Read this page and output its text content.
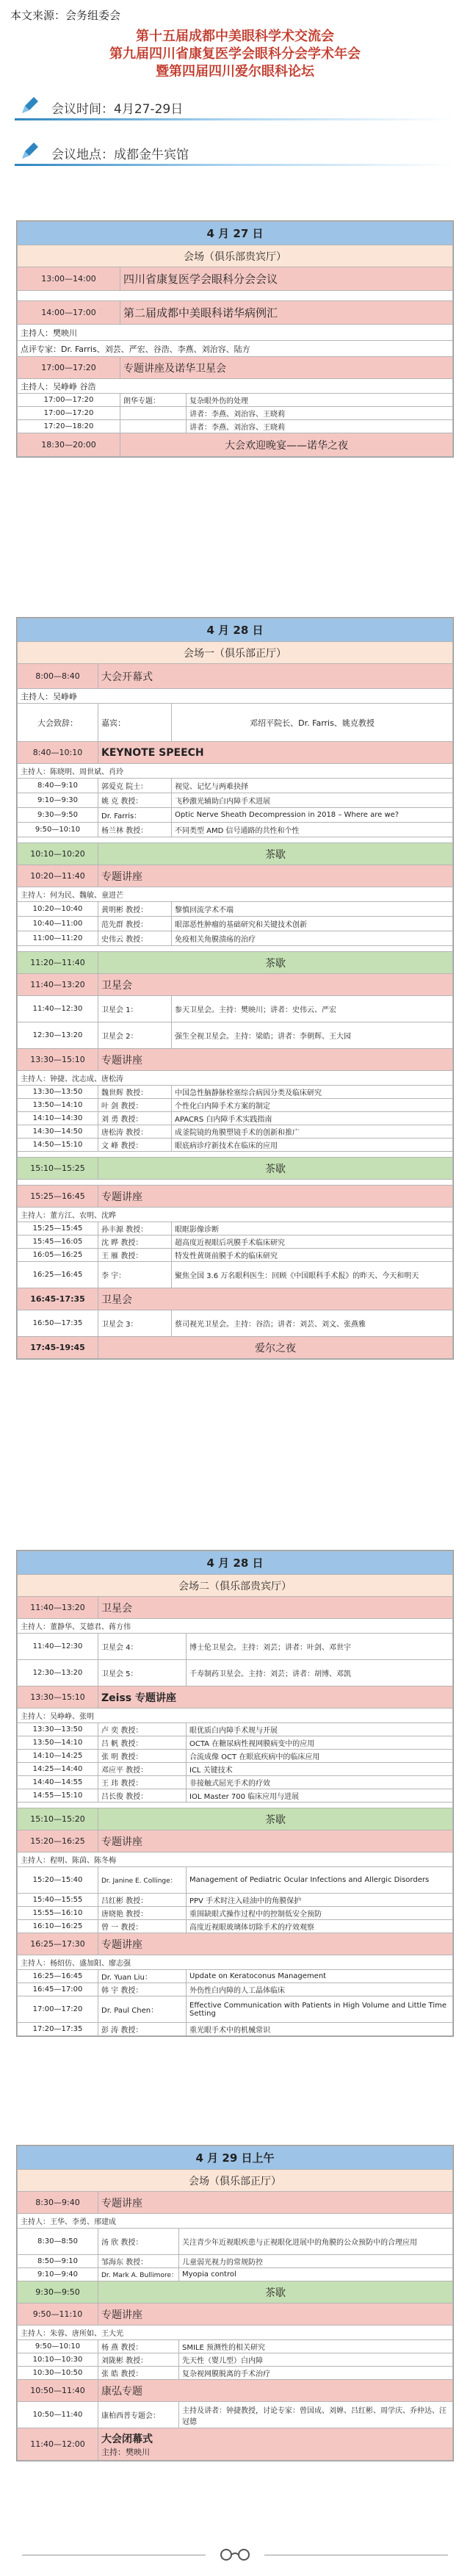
本文来源：会务组委会
第十五届成都中美眼科学术交流会
第九届四川省康复医学会眼科分会学术年会
暨第四届四川爱尔眼科论坛
会议时间：4月27-29日
会议地点：成都金牛宾馆
4 月 27 日		
会场（俱乐部贵宾厅）		
13:00—14:00	四川省康复医学会眼科分会会议	

14:00—17:00	第二届成都中美眼科诺华病例汇	
主持人：樊映川		
点评专家：Dr. Farris、刘芸、严宏、谷浩、李燕、刘治容、陆方		
17:00—17:20	专题讲座及诺华卫星会	
主持人：吴峥峥 谷浩		
17:00—17:20	朗华专题：	复杂眼外伤的处理
17:00—17:20		讲者：李燕、刘治容、王晓莉
17:20—18:20		讲者：李燕、刘治容、王晓莉
18:30—20:00	大会欢迎晚宴——诺华之夜	
4 月 28 日		
会场一（俱乐部正厅）		
8:00—8:40	大会开幕式	
主持人：吴峥峥		
大会致辞：	嘉宾：	邓绍平院长、Dr. Farris、姚克教授
8:40—10:10	KEYNOTE SPEECH	
主持人：陈晓明、周世斌、肖玲		
8:40—9:10	郭爱克 院士：	视觉、记忆与两难抉择
9:10—9:30	姚 克 教授：	飞秒激光辅助白内障手术进展
9:30—9:50	Dr. Farris：	Optic Nerve Sheath Decompression in 2018 – Where are we?
9:50—10:10	杨兰林 教授：	不同类型 AMD 信号通路的共性和个性

10:10—10:20	茶歇	
10:20—11:40	专题讲座	
主持人：何为民、魏敏、童进芒		
10:20—10:40	黄明彬 教授：	黎慎回流学术不端
10:40—11:00	范先群 教授：	眼部恶性肿瘤的基础研究和关键技术创新
11:00—11:20	史伟云 教授：	免疫相关角膜溃疡的治疗

11:20—11:40	茶歇	
11:40—13:20	卫星会	
11:40—12:30	卫星会 1：	参天卫星会。主持：樊映川；讲者：史伟云、严宏
12:30—13:20	卫星会 2：	强生全视卫星会。主持：梁皓；讲者：李朝辉、王大园
13:30—15:10	专题讲座	
主持人：钟捷、沈志成、唐松涛		
13:30—13:50	魏世辉 教授：	中国急性脑静脉栓塞综合病因分类及临床研究
13:50—14:10	叶 剑 教授：	个性化白内障手术方案的制定
14:10—14:30	刘 勇 教授：	APACRS 白内障手术实践指南
14:30—14:50	唐松涛 教授：	成釜院镜的角膜塑镜手术的创新和推广
14:50—15:10	文 峰 教授：	眼底病诊疗新技术在临床的应用

15:10—15:25	茶歇	

15:25—16:45	专题讲座	
主持人：董方江、农明、沈晔		
15:25—15:45	孙丰源 教授：	眼眶影像诊断
15:45—16:05	沈 晔 教授：	超高度近视眼后巩膜手术临床研究
16:05—16:25	王 雁 教授：	特发性黄斑前膜手术的临床研究
16:25—16:45	李 宇：	聚焦全国 3.6 万名眼科医生：回顾《中国眼科手术报》的昨天、今天和明天
16:45-17:35	卫星会	
16:50—17:35	卫星会 3：	蔡司视光卫星会。主持：谷浩；讲者：刘芸、刘文、张燕雅
17:45-19:45	爱尔之夜	
4 月 28 日		
会场二（俱乐部贵宾厅）		
11:40—13:20	卫星会	
主持人：董静华、艾德君、蒋方伟		
11:40—12:30	卫星会 4：	博士伦卫星会。主持：刘芸；讲者：叶剑、邓世宇
12:30—13:20	卫星会 5：	千寿制药卫星会。主持：刘芸；讲者：胡博、邓凯
13:30—15:10	Zeiss 专题讲座	
主持人：吴峥峥、张明		
13:30—13:50	卢 奕 教授：	眼优质白内障手术规与开展
13:50—14:10	吕 帆 教授：	OCTA 在糖尿病性视网膜病变中的应用
14:10—14:25	张 明 教授：	合流成像 OCT 在眼底疾病中的临床应用
14:25—14:40	邓应平 教授：	ICL 关键技术
14:40—14:55	王 玮 教授：	非接触式屈光手术的疗效
14:55—15:10	吕长俊 教授：	IOL Master 700 临床应用与进展

15:10—15:20	茶歇	
15:20—16:25	专题讲座	
主持人：程明、陈茵、陈冬梅		
15:20—15:40	Dr. Janine E. Collinge：	Management of Pediatric Ocular Infections and Allergic Disorders
15:40—15:55	吕红彬 教授：	PPV 手术时注入硅油中的角膜保护
15:55—16:10	唐晓艳 教授：	重围缺眼式操作过程中的控制低安全预防
16:10—16:25	曾 一 教授：	高度近视眼玻璃体切除手术的疗效观察
16:25—17:30	专题讲座	
主持人：杨绍仿、盛加阳、廖志强		
16:25—16:45	Dr. Yuan Liu：	Update on Keratoconus Management
16:45—17:00	韩 宇 教授：	外伤性白内障的人工晶体临床
17:00—17:20	Dr. Paul Chen：	Effective Communication with Patients in High Volume and Little Time Setting
17:20—17:35	彭 涛 教授：	重光眼手术中的机械常识
4 月 29 日上午		
会场（俱乐部正厅）		
8:30—9:40	专题讲座	
主持人：王华、李勇、邢建成		
8:30—8:50	汤 欣 教授：	关注青少年近视眼疾患与正视眼化进展中的角膜的公众预防中的合理应用
8:50—9:10	邹海东 教授：	儿童弱光视力的常规防控
9:10—9:40	Dr. Mark A. Bullimore：	Myopia control
9:30—9:50	茶歇	
9:50—11:10	专题讲座	
主持人：朱蓉、唐所如、王大光		
9:50—10:10	杨 燕 教授：	SMILE 预测性的相关研究
10:10—10:30	刘陇彬 教授：	先天性（婴儿型）白内障
10:30—10:50	张 皓 教授：	复杂视网膜脱离的手术治疗
10:50—11:40	康弘专题	
10:50—11:40	康柏西普专题会：	主持及讲者：钟捷教授，讨论专家：曾国成、刘婵、吕红彬、周学庆、乔仲达、汪冠德
11:40—12:00	大会闭幕式
主持：樊映川	
